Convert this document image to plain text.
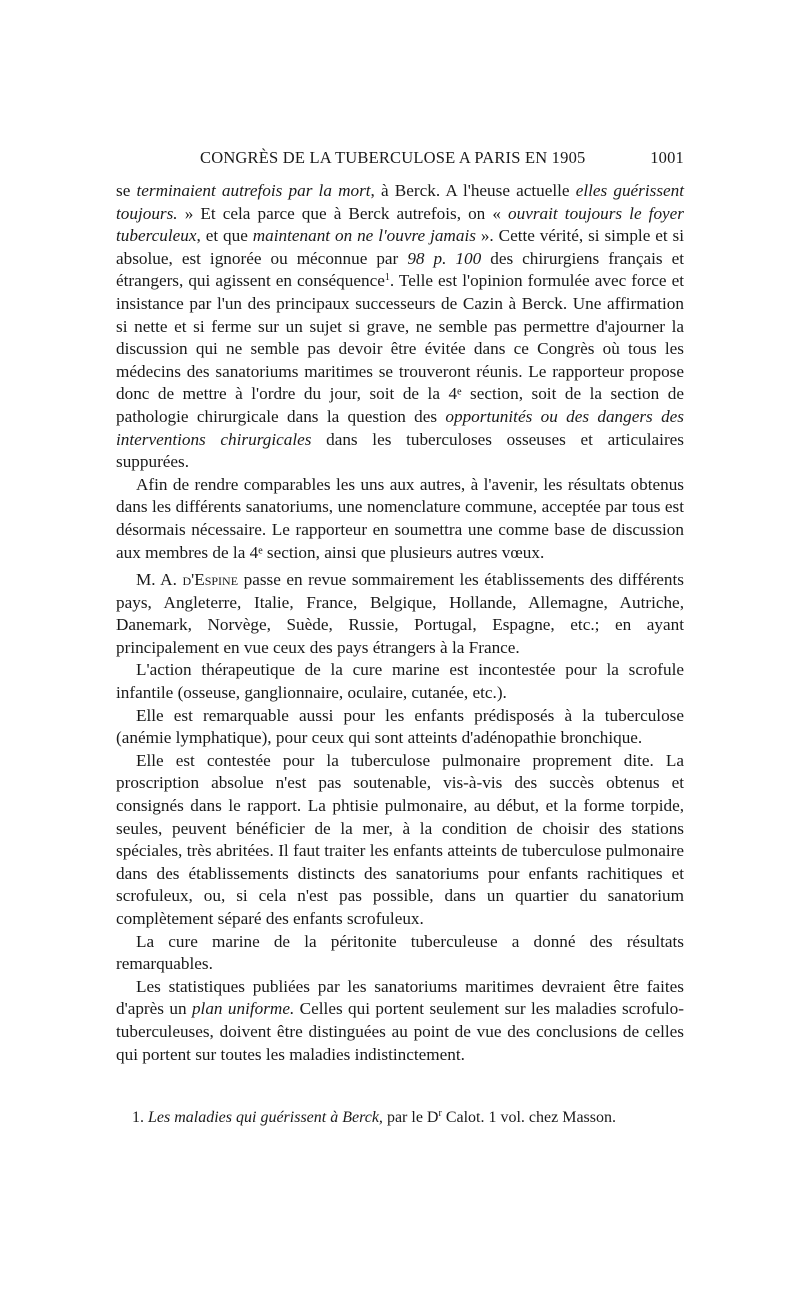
CONGRÈS DE LA TUBERCULOSE A PARIS EN 1905	1001

se terminaient autrefois par la mort, à Berck. A l'heuse actuelle elles guérissent toujours. » Et cela parce que à Berck autrefois, on « ouvrait toujours le foyer tuberculeux, et que maintenant on ne l'ouvre jamais ». Cette vérité, si simple et si absolue, est ignorée ou méconnue par 98 p. 100 des chirurgiens français et étrangers, qui agissent en conséquence$^1$. Telle est l'opinion formulée avec force et insistance par l'un des principaux successeurs de Cazin à Berck. Une affirmation si nette et si ferme sur un sujet si grave, ne semble pas permettre d'ajourner la discussion qui ne semble pas devoir être évitée dans ce Congrès où tous les médecins des sanatoriums maritimes se trouveront réunis. Le rapporteur propose donc de mettre à l'ordre du jour, soit de la 4ᵉ section, soit de la section de pathologie chirurgicale dans la question des opportunités ou des dangers des interventions chirurgicales dans les tuberculoses osseuses et articulaires suppurées.

Afin de rendre comparables les uns aux autres, à l'avenir, les résultats obtenus dans les différents sanatoriums, une nomenclature commune, acceptée par tous est désormais nécessaire. Le rapporteur en soumettra une comme base de discussion aux membres de la 4ᵉ section, ainsi que plusieurs autres vœux.

M. A. d'Espine passe en revue sommairement les établissements des différents pays, Angleterre, Italie, France, Belgique, Hollande, Allemagne, Autriche, Danemark, Norvège, Suède, Russie, Portugal, Espagne, etc.; en ayant principalement en vue ceux des pays étrangers à la France.

L'action thérapeutique de la cure marine est incontestée pour la scrofule infantile (osseuse, ganglionnaire, oculaire, cutanée, etc.).

Elle est remarquable aussi pour les enfants prédisposés à la tuberculose (anémie lymphatique), pour ceux qui sont atteints d'adénopathie bronchique.

Elle est contestée pour la tuberculose pulmonaire proprement dite. La proscription absolue n'est pas soutenable, vis-à-vis des succès obtenus et consignés dans le rapport. La phtisie pulmonaire, au début, et la forme torpide, seules, peuvent bénéficier de la mer, à la condition de choisir des stations spéciales, très abritées. Il faut traiter les enfants atteints de tuberculose pulmonaire dans des établissements distincts des sanatoriums pour enfants rachitiques et scrofuleux, ou, si cela n'est pas possible, dans un quartier du sanatorium complètement séparé des enfants scrofuleux.

La cure marine de la péritonite tuberculeuse a donné des résultats remarquables.

Les statistiques publiées par les sanatoriums maritimes devraient être faites d'après un plan uniforme. Celles qui portent seulement sur les maladies scrofulo-tuberculeuses, doivent être distinguées au point de vue des conclusions de celles qui portent sur toutes les maladies indistinctement.

1. Les maladies qui guérissent à Berck, par le $D^r$ Calot. 1 vol. chez Masson.
